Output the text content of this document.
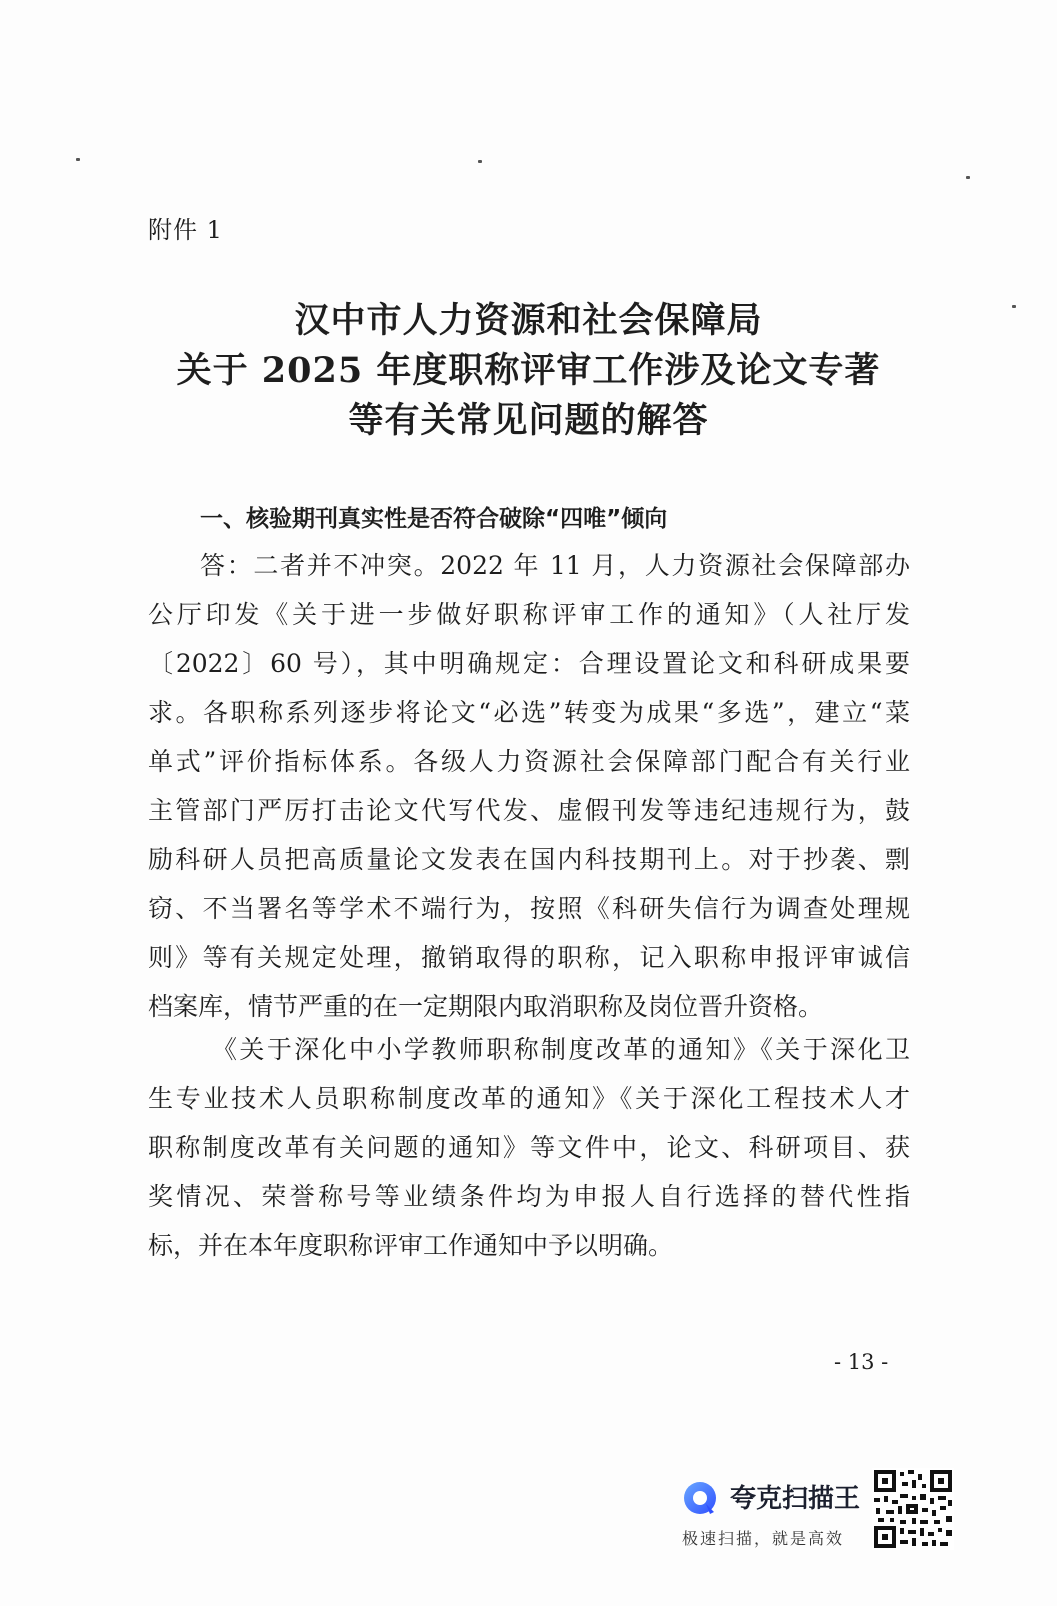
附件 1
汉中市人力资源和社会保障局
关于 2025 年度职称评审工作涉及论文专著
等有关常见问题的解答
一、核验期刊真实性是否符合破除“四唯”倾向
答：二者并不冲突。2022 年 11 月，人力资源社会保障部办
公厅印发《关于进一步做好职称评审工作的通知》（人社厅发
〔2022〕60 号），其中明确规定：合理设置论文和科研成果要
求。各职称系列逐步将论文“必选”转变为成果“多选”，建立“菜
单式”评价指标体系。各级人力资源社会保障部门配合有关行业
主管部门严厉打击论文代写代发、虚假刊发等违纪违规行为，鼓
励科研人员把高质量论文发表在国内科技期刊上。对于抄袭、剽
窃、不当署名等学术不端行为，按照《科研失信行为调查处理规
则》等有关规定处理，撤销取得的职称，记入职称申报评审诚信
档案库，情节严重的在一定期限内取消职称及岗位晋升资格。
《关于深化中小学教师职称制度改革的通知》《关于深化卫
生专业技术人员职称制度改革的通知》《关于深化工程技术人才
职称制度改革有关问题的通知》等文件中，论文、科研项目、获
奖情况、荣誉称号等业绩条件均为申报人自行选择的替代性指
标，并在本年度职称评审工作通知中予以明确。
- 13 -
夸克扫描王
极速扫描，就是高效
